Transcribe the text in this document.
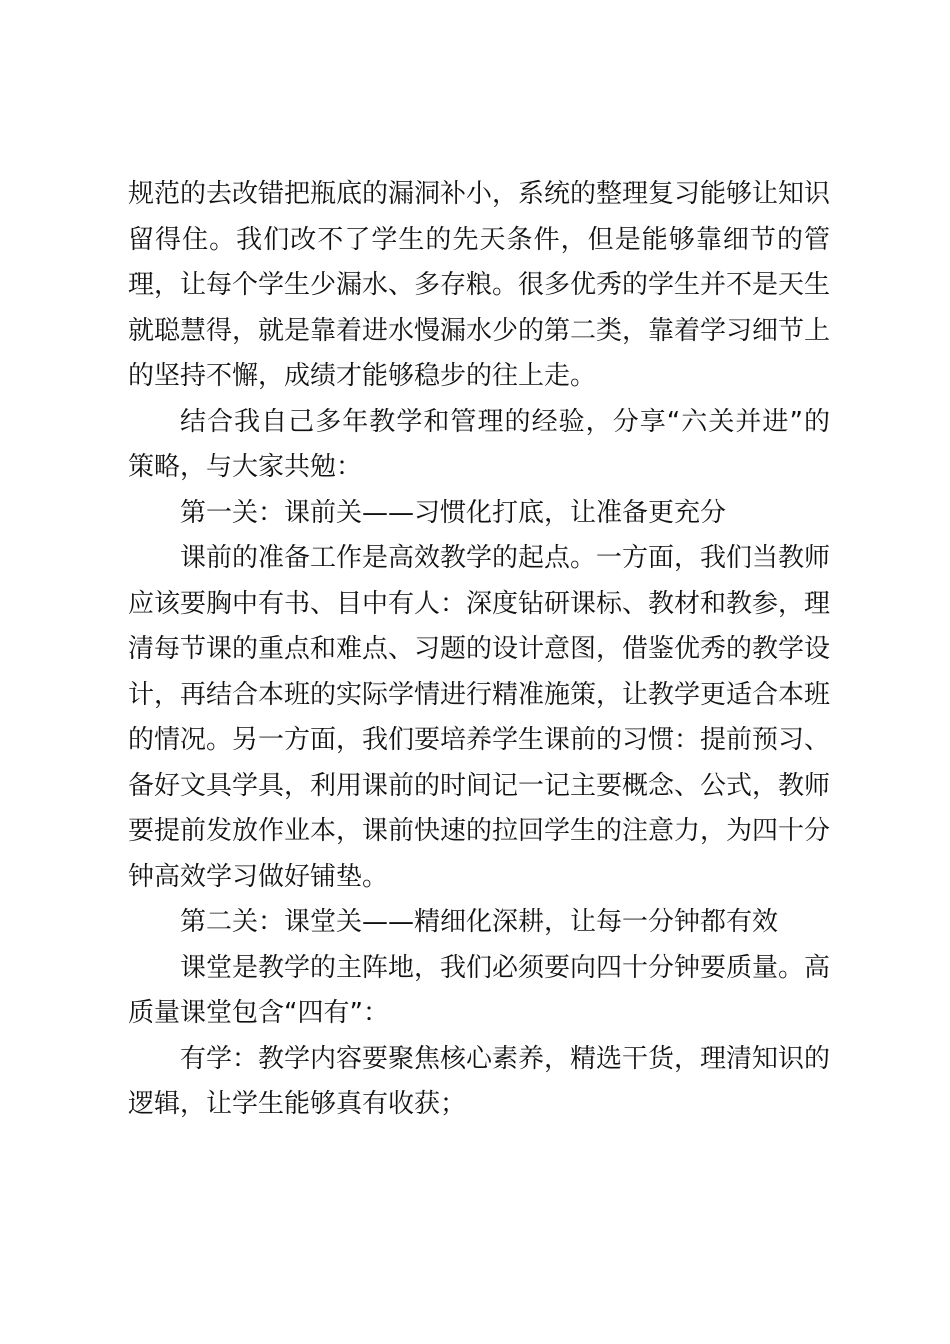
规范的去改错把瓶底的漏洞补小，系统的整理复习能够让知识留得住。我们改不了学生的先天条件，但是能够靠细节的管理，让每个学生少漏水、多存粮。很多优秀的学生并不是天生就聪慧得，就是靠着进水慢漏水少的第二类，靠着学习细节上的坚持不懈，成绩才能够稳步的往上走。

结合我自己多年教学和管理的经验，分享“六关并进”的策略，与大家共勉：

第一关：课前关——习惯化打底，让准备更充分

课前的准备工作是高效教学的起点。一方面，我们当教师应该要胸中有书、目中有人：深度钻研课标、教材和教参，理清每节课的重点和难点、习题的设计意图，借鉴优秀的教学设计，再结合本班的实际学情进行精准施策，让教学更适合本班的情况。另一方面，我们要培养学生课前的习惯：提前预习、备好文具学具，利用课前的时间记一记主要概念、公式，教师要提前发放作业本，课前快速的拉回学生的注意力，为四十分钟高效学习做好铺垫。

第二关：课堂关——精细化深耕，让每一分钟都有效

课堂是教学的主阵地，我们必须要向四十分钟要质量。高质量课堂包含“四有”：

有学：教学内容要聚焦核心素养，精选干货，理清知识的逻辑，让学生能够真有收获；
